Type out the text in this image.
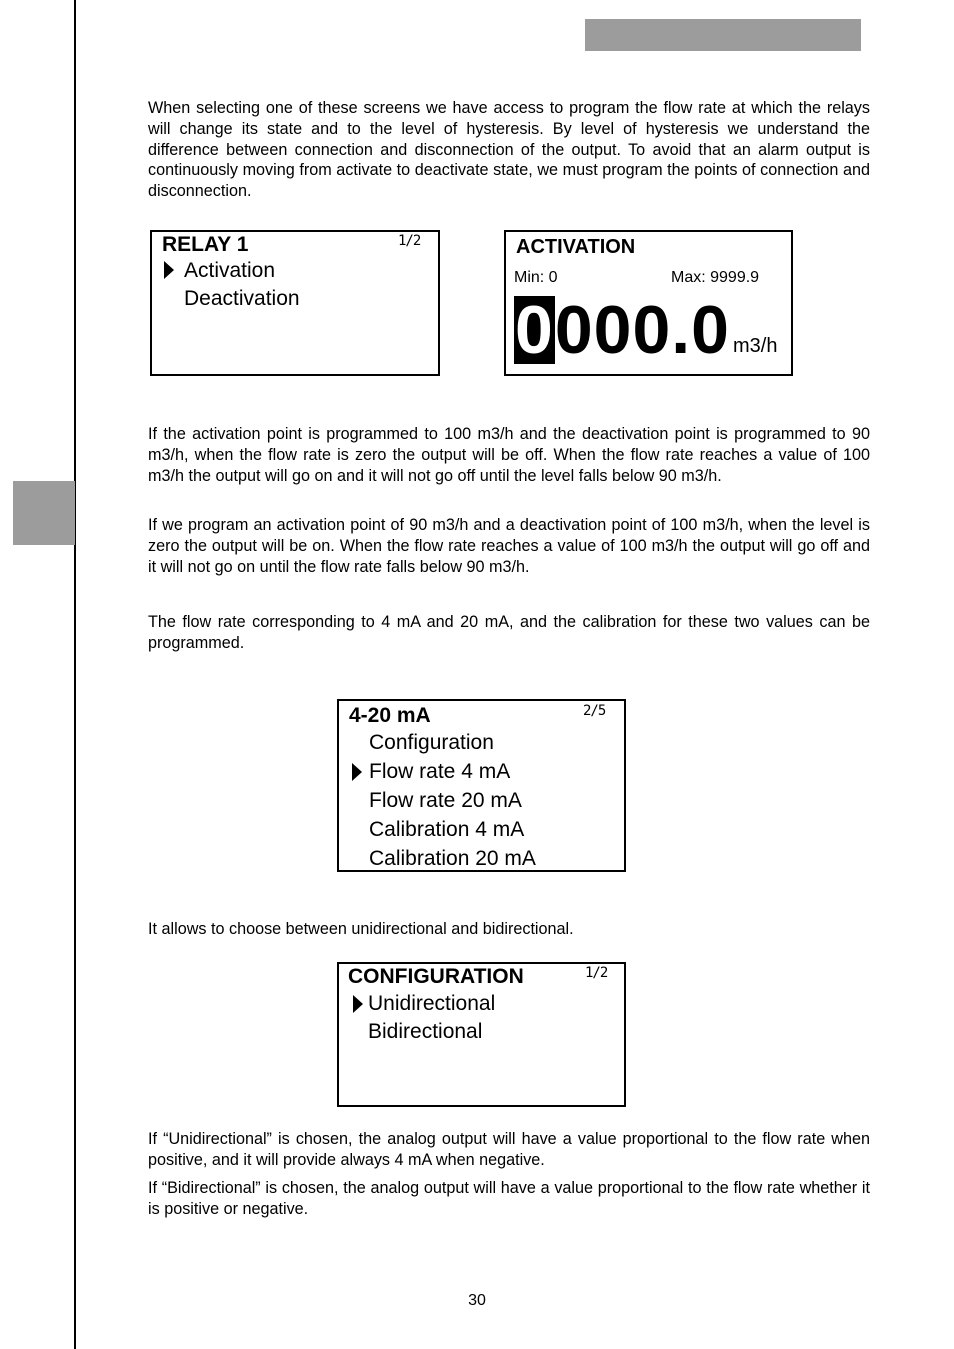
When selecting one of these screens we have access to program the flow rate at which the relays will change its state and to the level of hysteresis. By level of hysteresis we understand the difference between connection and disconnection of the output. To avoid that an alarm output is continuously moving from activate to deactivate state, we must program the points of connection and disconnection.

RELAY 1	1/2
Activation
Deactivation
ACTIVATION
Min: 0	Max: 9999.9
0000.0 m3/h

If the activation point is programmed to 100 m3/h and the deactivation point is programmed to 90 m3/h, when the flow rate is zero the output will be off. When the flow rate reaches a value of 100 m3/h the output will go on and it will not go off until the level falls below 90 m3/h.

If we program an activation point of 90 m3/h and a deactivation point of 100 m3/h, when the level is zero the output will be on. When the flow rate reaches a value of 100 m3/h the output will go off and it will not go on until the flow rate falls below 90 m3/h.

The flow rate corresponding to 4 mA and 20 mA, and the calibration for these two values can be programmed.

4-20 mA	2/5
Configuration
Flow rate 4 mA
Flow rate 20 mA
Calibration 4 mA
Calibration 20 mA

It allows to choose between unidirectional and bidirectional.

CONFIGURATION	1/2
Unidirectional
Bidirectional

If “Unidirectional” is chosen, the analog output will have a value proportional to the flow rate when positive, and it will provide always 4 mA when negative.

If “Bidirectional” is chosen, the analog output will have a value proportional to the flow rate whether it is positive or negative.

30
